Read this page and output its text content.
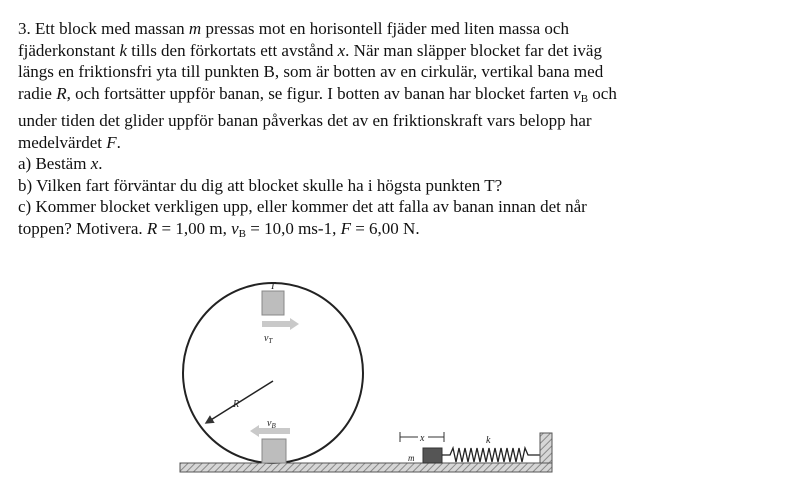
3. Ett block med massan m pressas mot en horisontell fjäder med liten massa och
fjäderkonstant k tills den förkortats ett avstånd x. När man släpper blocket far det iväg
längs en friktionsfri yta till punkten B, som är botten av en cirkulär, vertikal bana med
radie R, och fortsätter uppför banan, se figur. I botten av banan har blocket farten $v_B$ och
under tiden det glider uppför banan påverkas det av en friktionskraft vars belopp har
medelvärdet F.

a) Bestäm x.

b) Vilken fart förväntar du dig att blocket skulle ha i högsta punkten T?

c) Kommer blocket verkligen upp, eller kommer det att falla av banan innan det når
toppen? Motivera. R = 1,00 m, $v_B = 10,0$ ms-1, F = 6,00 N.

T
$v_T$
R
$v_B$
x
m
k
